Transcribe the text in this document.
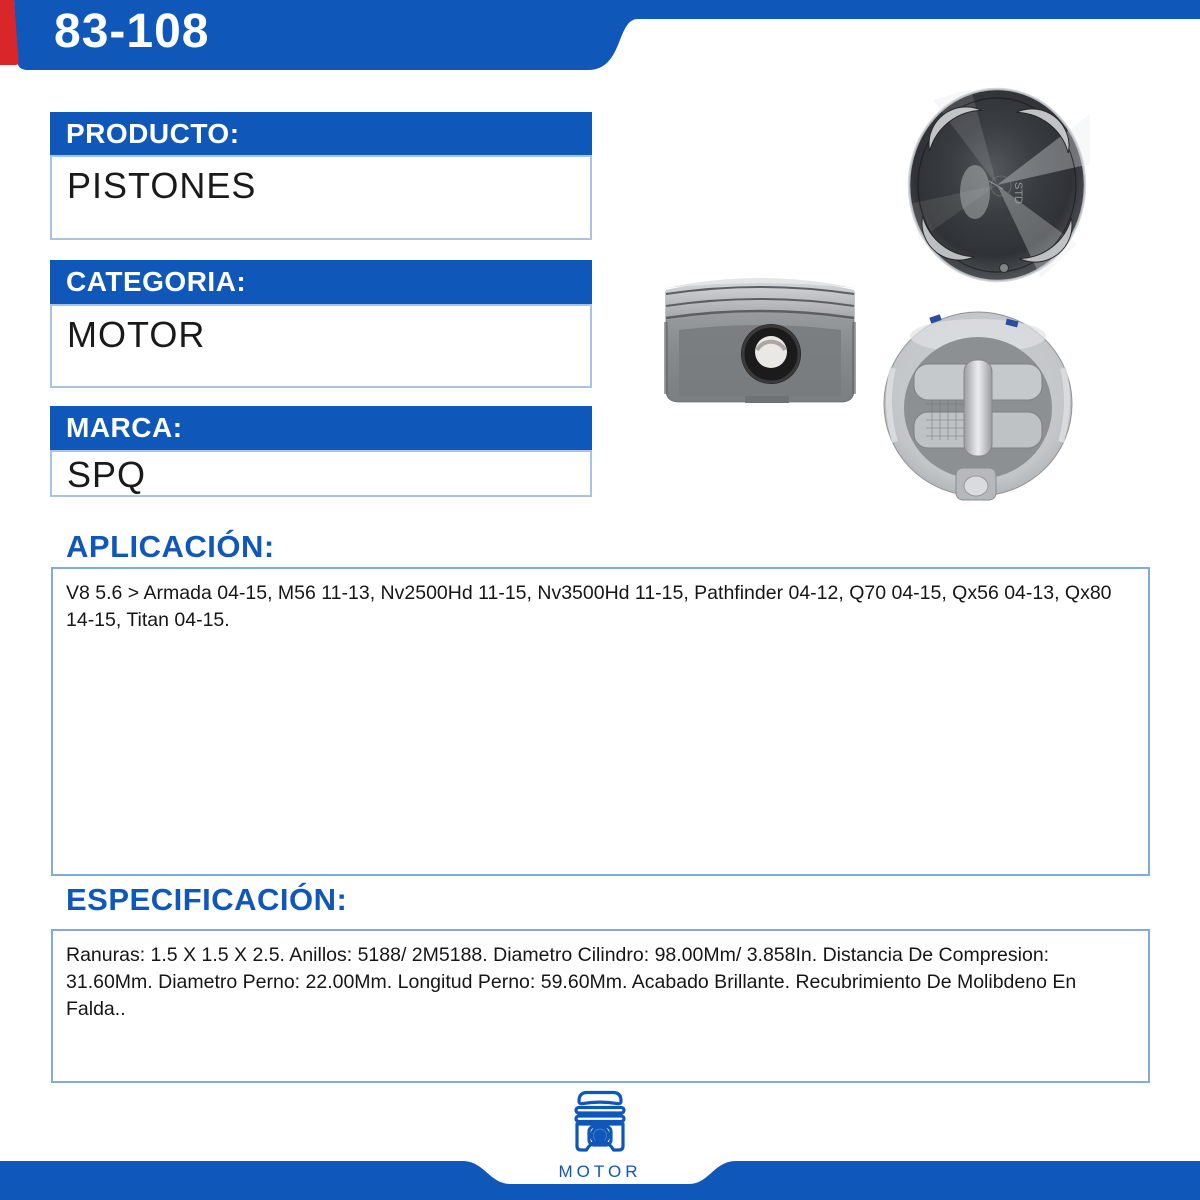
83-108
PRODUCTO:
PISTONES
CATEGORIA:
MOTOR
MARCA:
SPQ
STD
APLICACIÓN:
V8 5.6 > Armada 04-15, M56 11-13, Nv2500Hd 11-15, Nv3500Hd 11-15, Pathfinder 04-12, Q70 04-15, Qx56 04-13, Qx80 14-15, Titan 04-15.
ESPECIFICACIÓN:
Ranuras: 1.5 X 1.5 X 2.5. Anillos: 5188/ 2M5188. Diametro Cilindro: 98.00Mm/ 3.858In. Distancia De Compresion: 31.60Mm. Diametro Perno: 22.00Mm. Longitud Perno: 59.60Mm. Acabado Brillante. Recubrimiento De Molibdeno En Falda..
MOTOR
